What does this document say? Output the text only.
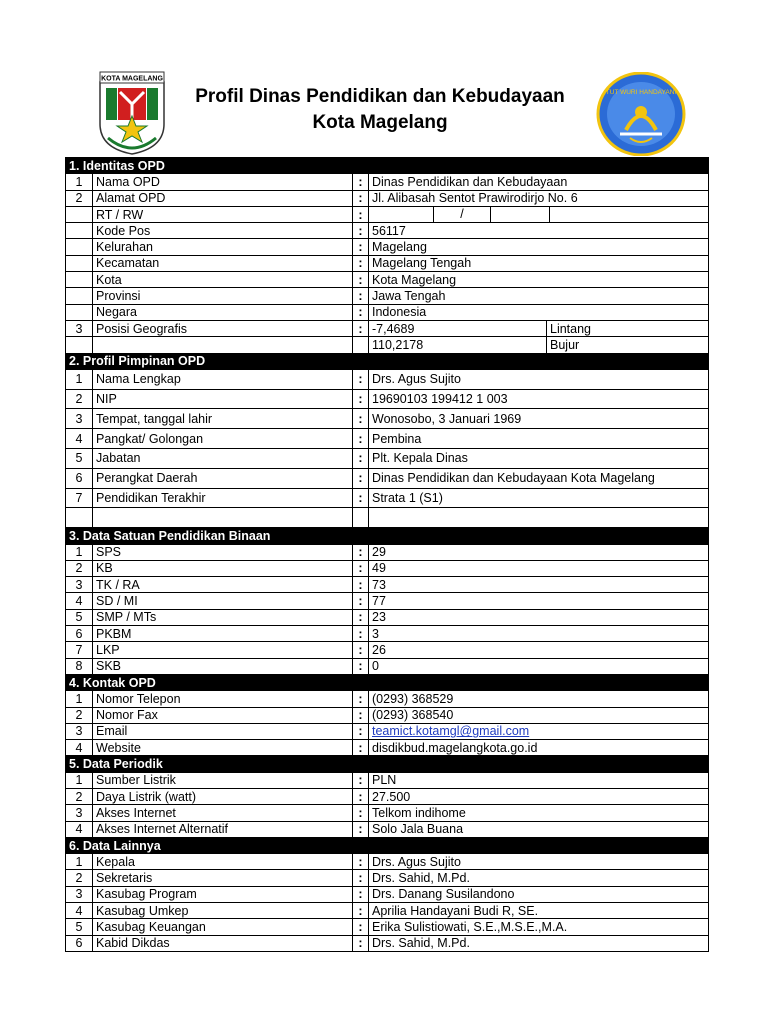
KOTA MAGELANG
Profil Dinas Pendidikan dan Kebudayaan
Kota Magelang
TUT WURI HANDAYANI
1. Identitas OPD				
1	Nama OPD	:	Dinas Pendidikan dan Kebudayaan	
2	Alamat OPD	:	Jl. Alibasah Sentot Prawirodirjo No. 6	
	RT / RW	:	/	

	Kode Pos	:	56117	
	Kelurahan	:	Magelang	
	Kecamatan	:	Magelang Tengah	
	Kota	:	Kota Magelang	
	Provinsi	:	Jawa Tengah	
	Negara	:	Indonesia	
3	Posisi Geografis	:	-7,4689	Lintang
			110,2178	Bujur
2. Profil Pimpinan OPD				
1	Nama Lengkap	:	Drs. Agus Sujito	
2	NIP	:	19690103 199412 1 003	
3	Tempat, tanggal lahir	:	Wonosobo, 3 Januari 1969	
4	Pangkat/ Golongan	:	Pembina	
5	Jabatan	:	Plt. Kepala Dinas	
6	Perangkat Daerah	:	Dinas Pendidikan dan Kebudayaan Kota Magelang	
7	Pendidikan Terakhir	:	Strata 1 (S1)	

3. Data Satuan Pendidikan Binaan				
1	SPS	:	29	
2	KB	:	49	
3	TK / RA	:	73	
4	SD / MI	:	77	
5	SMP / MTs	:	23	
6	PKBM	:	3	
7	LKP	:	26	
8	SKB	:	0	
4. Kontak OPD				
1	Nomor Telepon	:	(0293) 368529	
2	Nomor Fax	:	(0293) 368540	
3	Email	:	teamict.kotamgl@gmail.com	
4	Website	:	disdikbud.magelangkota.go.id	
5. Data Periodik				
1	Sumber Listrik	:	PLN	
2	Daya Listrik (watt)	:	27.500	
3	Akses Internet	:	Telkom indihome	
4	Akses Internet Alternatif	:	Solo Jala Buana	
6. Data Lainnya				
1	Kepala	:	Drs. Agus Sujito	
2	Sekretaris	:	Drs. Sahid, M.Pd.	
3	Kasubag Program	:	Drs. Danang Susilandono	
4	Kasubag Umkep	:	Aprilia Handayani Budi R, SE.	
5	Kasubag Keuangan	:	Erika Sulistiowati, S.E.,M.S.E.,M.A.	
6	Kabid Dikdas	:	Drs. Sahid, M.Pd.	
